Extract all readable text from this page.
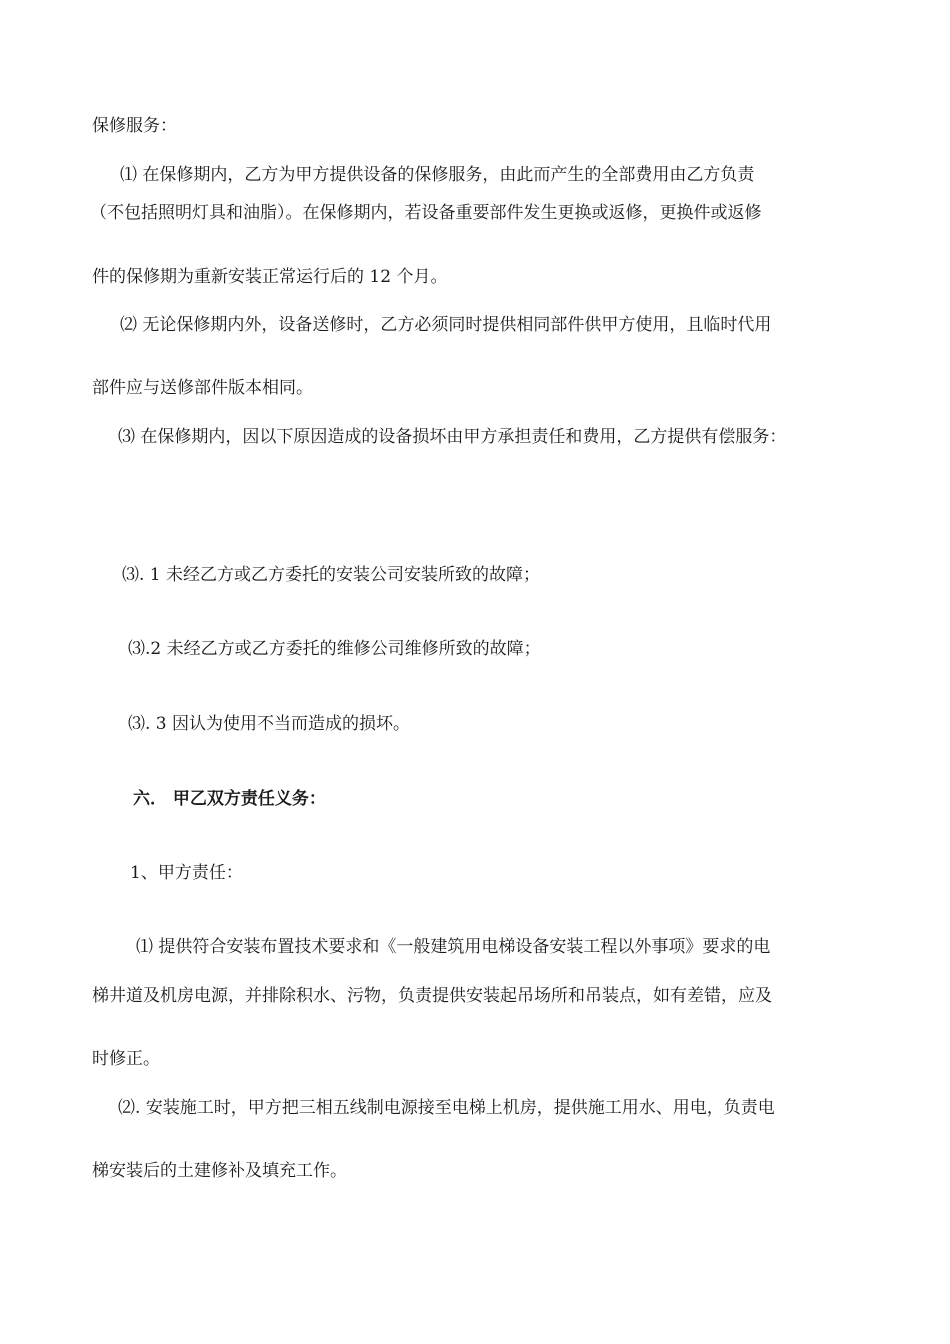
保修服务：
⑴ 在保修期内，乙方为甲方提供设备的保修服务，由此而产生的全部费用由乙方负责
（不包括照明灯具和油脂）。在保修期内，若设备重要部件发生更换或返修，更换件或返修
件的保修期为重新安装正常运行后的 12 个月。
⑵ 无论保修期内外，设备送修时，乙方必须同时提供相同部件供甲方使用，且临时代用
部件应与送修部件版本相同。
⑶ 在保修期内，因以下原因造成的设备损坏由甲方承担责任和费用，乙方提供有偿服务：
⑶. 1 未经乙方或乙方委托的安装公司安装所致的故障；
⑶.2 未经乙方或乙方委托的维修公司维修所致的故障；
⑶. 3 因认为使用不当而造成的损坏。
六． 甲乙双方责任义务：
1、甲方责任：
⑴ 提供符合安装布置技术要求和《一般建筑用电梯设备安装工程以外事项》要求的电
梯井道及机房电源，并排除积水、污物，负责提供安装起吊场所和吊装点，如有差错，应及
时修正。
⑵. 安装施工时，甲方把三相五线制电源接至电梯上机房，提供施工用水、用电，负责电
梯安装后的土建修补及填充工作。
